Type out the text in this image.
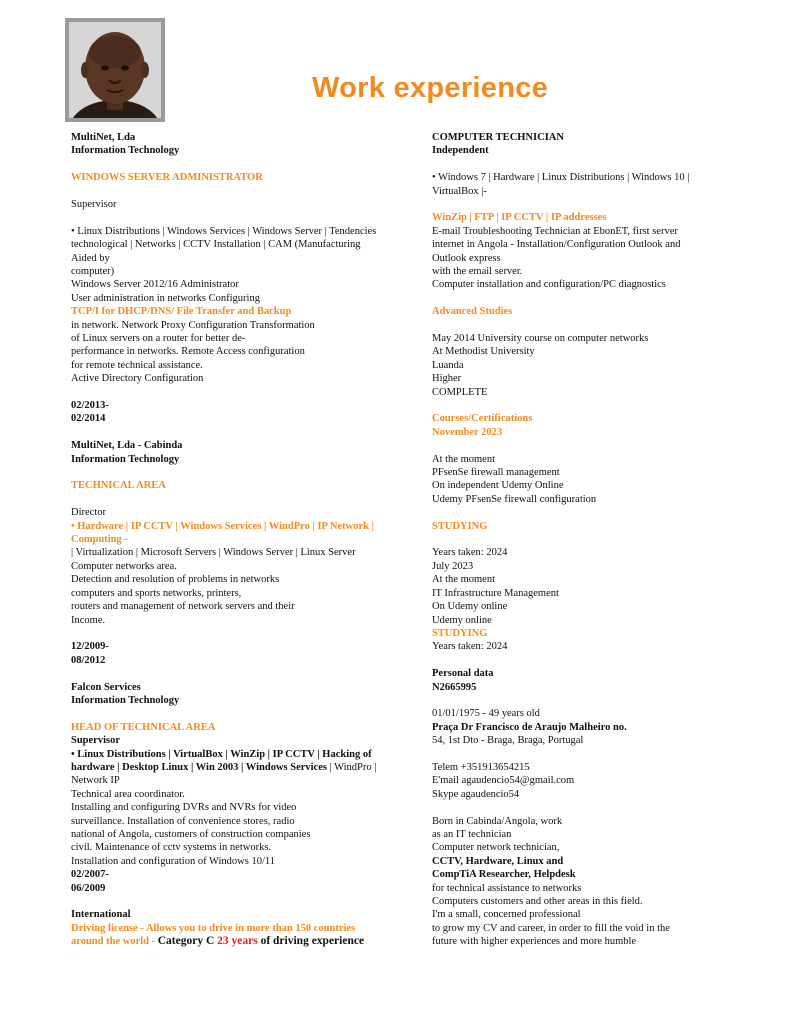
Work experience
MultiNet, Lda
Information Technology
WINDOWS SERVER ADMINISTRATOR
Supervisor
• Linux Distributions | Windows Services | Windows Server | Tendencies
technological | Networks | CCTV Installation | CAM (Manufacturing
Aided by
computer)
Windows Server 2012/16 Administrator
User administration in networks Configuring
TCP/I for DHCP/DNS/ File Transfer and Backup
in network. Network Proxy Configuration Transformation
of Linux servers on a router for better de-
performance in networks. Remote Access configuration
for remote technical assistance.
Active Directory Configuration
02/2013-
02/2014
MultiNet, Lda - Cabinda
Information Technology
TECHNICAL AREA
Director
• Hardware | IP CCTV | Windows Services | WindPro | IP Network |
Computing -
| Virtualization | Microsoft Servers | Windows Server | Linux Server
Computer networks area.
Detection and resolution of problems in networks
computers and sports networks, printers,
routers and management of network servers and their
Income.
12/2009-
08/2012
Falcon Services
Information Technology
HEAD OF TECHNICAL AREA
Supervisor
• Linux Distributions | VirtualBox | WinZip | IP CCTV | Hacking of
hardware | Desktop Linux | Win 2003 | Windows Services | WindPro |
Network IP
Technical area coordinator.
Installing and configuring DVRs and NVRs for video
surveillance. Installation of convenience stores, radio
national of Angola, customers of construction companies
civil. Maintenance of cctv systems in networks.
Installation and configuration of Windows 10/11
02/2007-
06/2009
International
Driving license - Allows you to drive in more than 150 countries
around the world - Category C 23 years of driving experience
COMPUTER TECHNICIAN
Independent
• Windows 7 | Hardware | Linux Distributions | Windows 10 |
VirtualBox |-
WinZip | FTP | IP CCTV | IP addresses
E-mail Troubleshooting Technician at EbonET, first server
internet in Angola - Installation/Configuration Outlook and
Outlook express
with the email server.
Computer installation and configuration/PC diagnostics
Advanced Studies
May 2014 University course on computer networks
At Methodist University
Luanda
Higher
COMPLETE
Courses/Certifications
November 2023
At the moment
PFsenSe firewall management
On independent Udemy Online
Udemy PFsenSe firewall configuration
STUDYING
Years taken: 2024
July 2023
At the moment
IT Infrastructure Management
On Udemy online
Udemy online
STUDYING
Years taken: 2024
Personal data
N2665995
01/01/1975 - 49 years old
Praça Dr Francisco de Araujo Malheiro no.
54, 1st Dto - Braga, Braga, Portugal
Telem +351913654215
E'mail agaudencio54@gmail.com
Skype agaudencio54
Born in Cabinda/Angola, work
as an IT technician
Computer network technician,
CCTV, Hardware, Linux and
CompTiA Researcher, Helpdesk
for technical assistance to networks
Computers customers and other areas in this field.
I'm a small, concerned professional
to grow my CV and career, in order to fill the void in the
future with higher experiences and more humble
